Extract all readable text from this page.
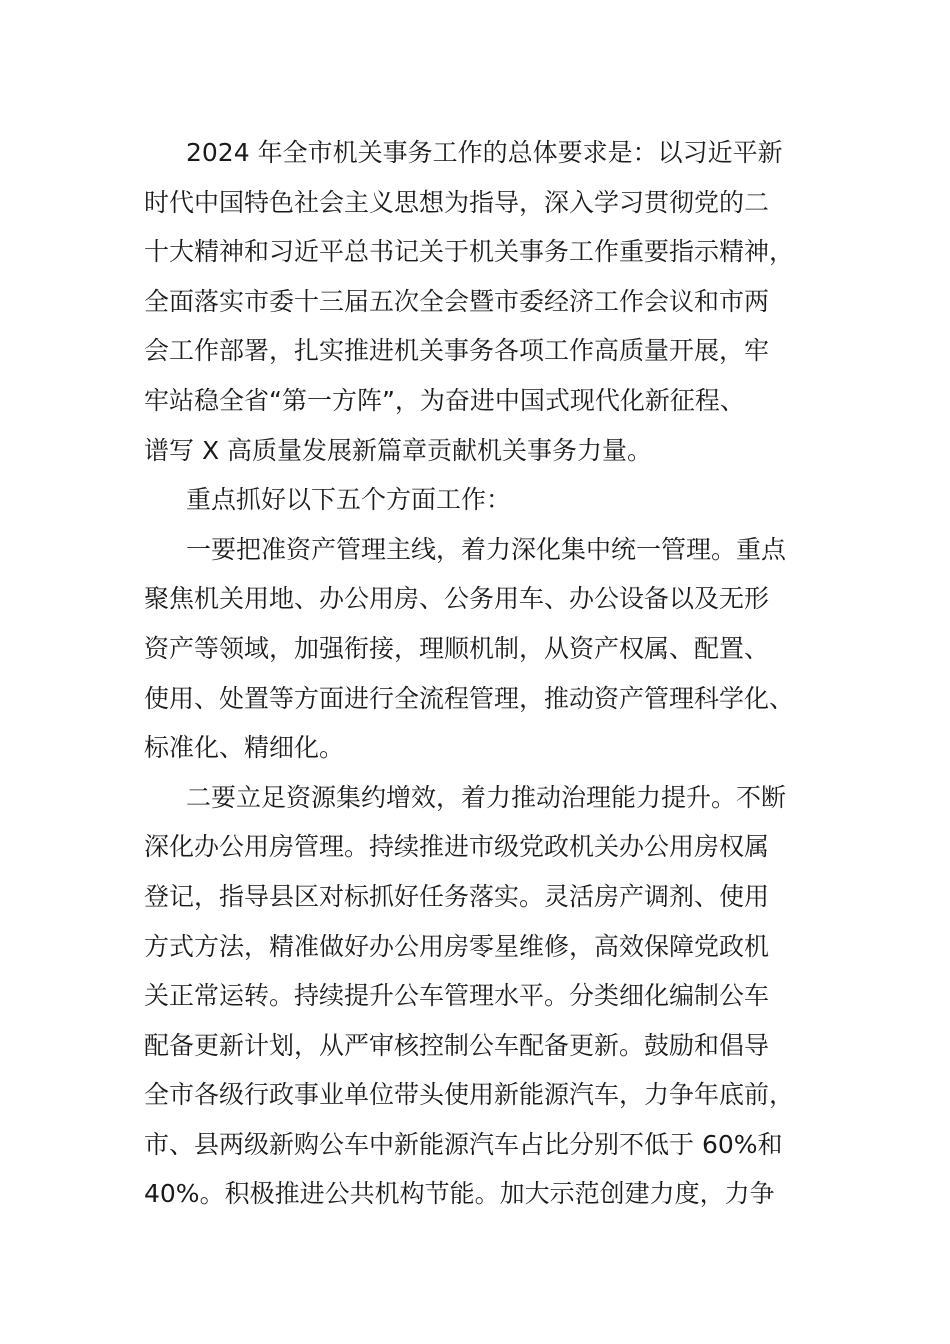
2024 年全市机关事务工作的总体要求是：以习近平新
时代中国特色社会主义思想为指导，深入学习贯彻党的二
十大精神和习近平总书记关于机关事务工作重要指示精神，
全面落实市委十三届五次全会暨市委经济工作会议和市两
会工作部署，扎实推进机关事务各项工作高质量开展，牢
牢站稳全省“第一方阵”，为奋进中国式现代化新征程、
谱写 X 高质量发展新篇章贡献机关事务力量。
重点抓好以下五个方面工作：
一要把准资产管理主线，着力深化集中统一管理。重点
聚焦机关用地、办公用房、公务用车、办公设备以及无形
资产等领域，加强衔接，理顺机制，从资产权属、配置、
使用、处置等方面进行全流程管理，推动资产管理科学化、
标准化、精细化。
二要立足资源集约增效，着力推动治理能力提升。不断
深化办公用房管理。持续推进市级党政机关办公用房权属
登记，指导县区对标抓好任务落实。灵活房产调剂、使用
方式方法，精准做好办公用房零星维修，高效保障党政机
关正常运转。持续提升公车管理水平。分类细化编制公车
配备更新计划，从严审核控制公车配备更新。鼓励和倡导
全市各级行政事业单位带头使用新能源汽车，力争年底前，
市、县两级新购公车中新能源汽车占比分别不低于 60%和
40%。积极推进公共机构节能。加大示范创建力度，力争
